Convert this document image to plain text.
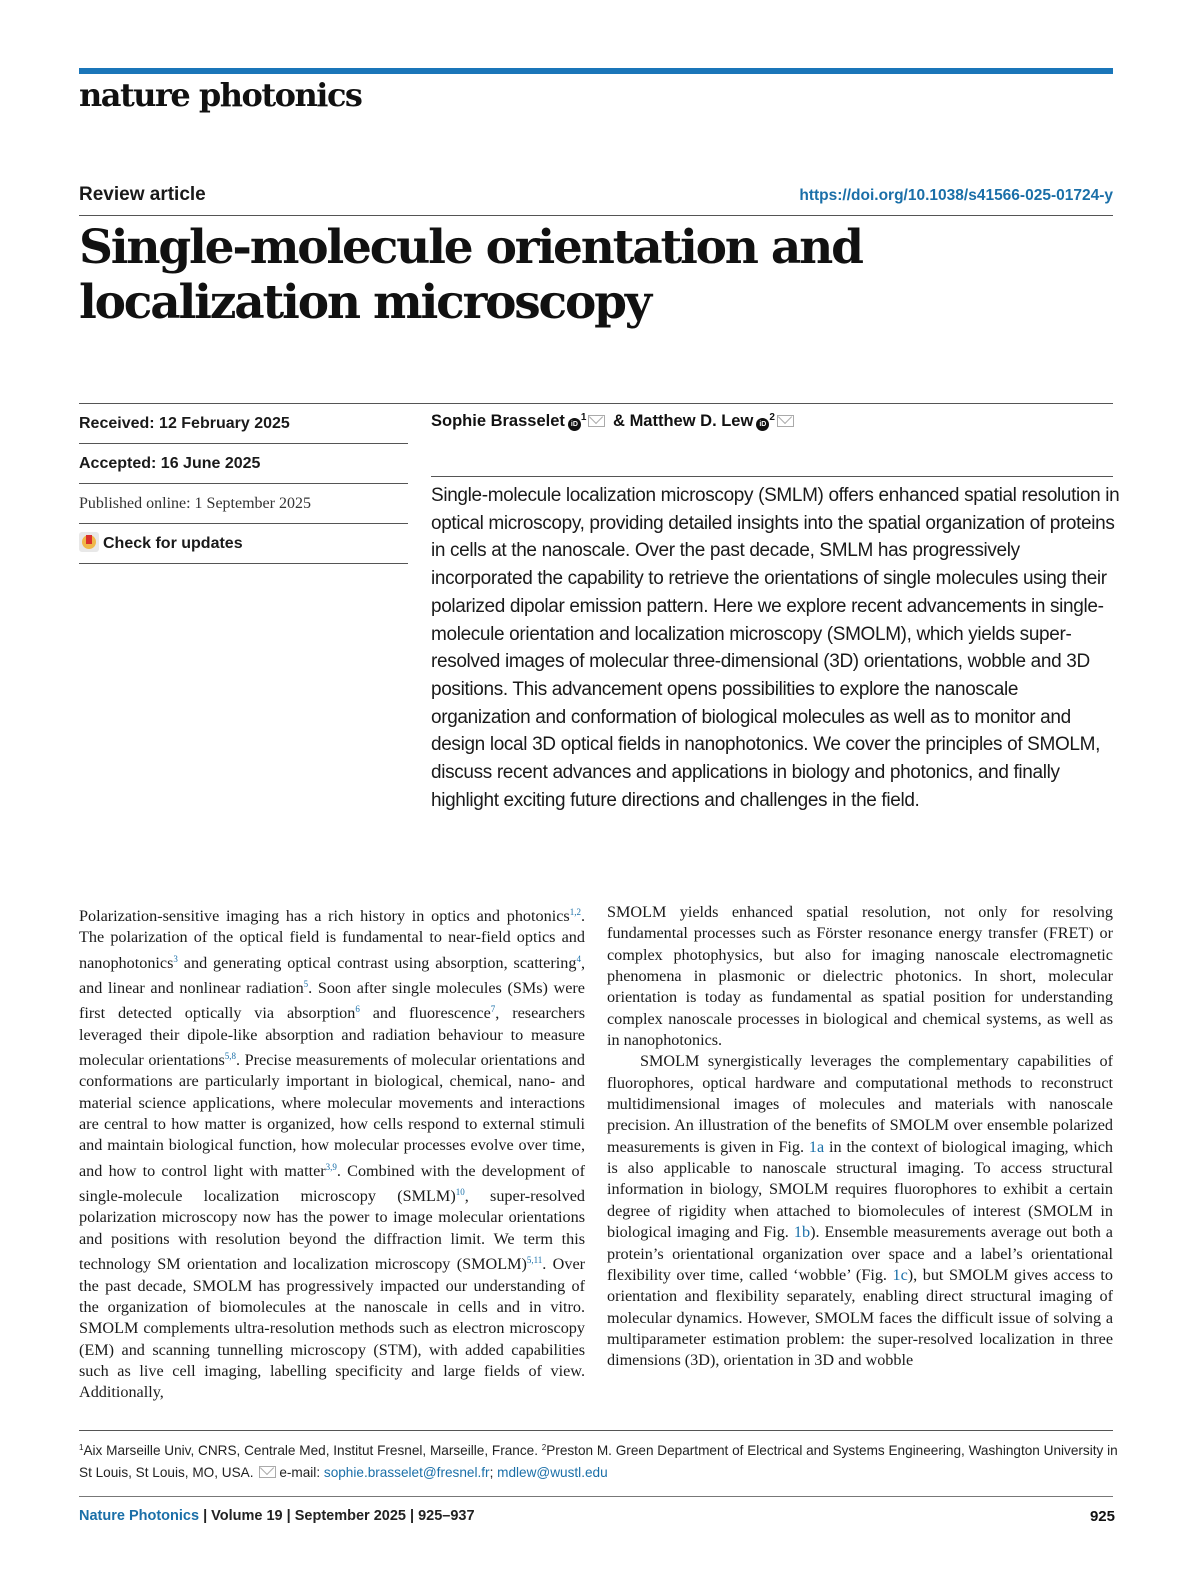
nature photonics
Review article	https://doi.org/10.1038/s41566-025-01724-y
Single-molecule orientation and
localization microscopy
Received: 12 February 2025
Accepted: 16 June 2025
Published online: 1 September 2025
Check for updates
Sophie Brasselet $iD^1$ & Matthew D. Lew $iD^2$
Single-molecule localization microscopy (SMLM) offers enhanced spatial resolution in optical microscopy, providing detailed insights into the spatial organization of proteins in cells at the nanoscale. Over the past decade, SMLM has progressively incorporated the capability to retrieve the orientations of single molecules using their polarized dipolar emission pattern. Here we explore recent advancements in single-molecule orientation and localization microscopy (SMOLM), which yields super-resolved images of molecular three-dimensional (3D) orientations, wobble and 3D positions. This advancement opens possibilities to explore the nanoscale organization and conformation of biological molecules as well as to monitor and design local 3D optical fields in nanophotonics. We cover the principles of SMOLM, discuss recent advances and applications in biology and photonics, and finally highlight exciting future directions and challenges in the field.

Polarization-sensitive imaging has a rich history in optics and photonics$^{1,2}$. The polarization of the optical field is fundamental to near-field optics and nanophotonics$^3$ and generating optical contrast using absorption, scattering$^4$, and linear and nonlinear radiation$^5$. Soon after single molecules (SMs) were first detected optically via absorption$^6$ and fluorescence$^7$, researchers leveraged their dipole-like absorption and radiation behaviour to measure molecular orientations$^{5,8}$. Precise measurements of molecular orientations and conformations are particularly important in biological, chemical, nano- and material science applications, where molecular movements and interactions are central to how matter is organized, how cells respond to external stimuli and maintain biological function, how molecular processes evolve over time, and how to control light with matter$^{3,9}$. Combined with the development of single-molecule localization microscopy (SMLM)$^{10}$, super-resolved polarization microscopy now has the power to image molecular orientations and positions with resolution beyond the diffraction limit. We term this technology SM orientation and localization microscopy (SMOLM)$^{5,11}$. Over the past decade, SMOLM has progressively impacted our understanding of the organization of biomolecules at the nanoscale in cells and in vitro. SMOLM complements ultra-resolution methods such as electron microscopy (EM) and scanning tunnelling microscopy (STM), with added capabilities such as live cell imaging, labelling specificity and large fields of view. Additionally,

SMOLM yields enhanced spatial resolution, not only for resolving fundamental processes such as Förster resonance energy transfer (FRET) or complex photophysics, but also for imaging nanoscale electromagnetic phenomena in plasmonic or dielectric photonics. In short, molecular orientation is today as fundamental as spatial position for understanding complex nanoscale processes in biological and chemical systems, as well as in nanophotonics.

SMOLM synergistically leverages the complementary capabilities of fluorophores, optical hardware and computational methods to reconstruct multidimensional images of molecules and materials with nanoscale precision. An illustration of the benefits of SMOLM over ensemble polarized measurements is given in Fig. 1a in the context of biological imaging, which is also applicable to nanoscale structural imaging. To access structural information in biology, SMOLM requires fluorophores to exhibit a certain degree of rigidity when attached to biomolecules of interest (SMOLM in biological imaging and Fig. 1b). Ensemble measurements average out both a protein’s orientational organization over space and a label’s orientational flexibility over time, called ‘wobble’ (Fig. 1c), but SMOLM gives access to orientation and flexibility separately, enabling direct structural imaging of molecular dynamics. However, SMOLM faces the difficult issue of solving a multiparameter estimation problem: the super-resolved localization in three dimensions (3D), orientation in 3D and wobble

$^1$Aix Marseille Univ, CNRS, Centrale Med, Institut Fresnel, Marseille, France. $^2$Preston M. Green Department of Electrical and Systems Engineering, Washington University in St Louis, St Louis, MO, USA. e-mail: sophie.brasselet@fresnel.fr; mdlew@wustl.edu
Nature Photonics | Volume 19 | September 2025 | 925–937	925
